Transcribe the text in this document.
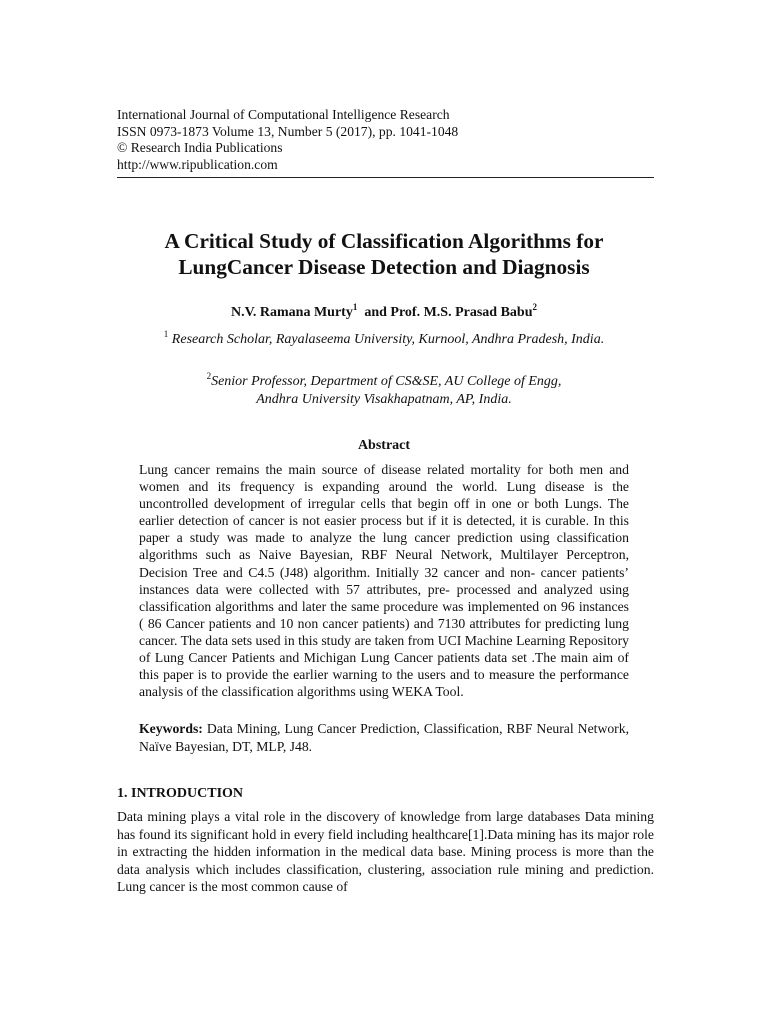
International Journal of Computational Intelligence Research
ISSN 0973-1873 Volume 13, Number 5 (2017), pp. 1041-1048
© Research India Publications
http://www.ripublication.com
A Critical Study of Classification Algorithms for
LungCancer Disease Detection and Diagnosis
N.V. Ramana Murty$^1$ and Prof. M.S. Prasad Babu$^2$
$^1$ Research Scholar, Rayalaseema University, Kurnool, Andhra Pradesh, India.
$^2$Senior Professor, Department of CS&SE, AU College of Engg,
Andhra University Visakhapatnam, AP, India.
Abstract
Lung cancer remains the main source of disease related mortality for both men and women and its frequency is expanding around the world. Lung disease is the uncontrolled development of irregular cells that begin off in one or both Lungs. The earlier detection of cancer is not easier process but if it is detected, it is curable. In this paper a study was made to analyze the lung cancer prediction using classification algorithms such as Naive Bayesian, RBF Neural Network, Multilayer Perceptron, Decision Tree and C4.5 (J48) algorithm. Initially 32 cancer and non- cancer patients’ instances data were collected with 57 attributes, pre- processed and analyzed using classification algorithms and later the same procedure was implemented on 96 instances ( 86 Cancer patients and 10 non cancer patients) and 7130 attributes for predicting lung cancer. The data sets used in this study are taken from UCI Machine Learning Repository of Lung Cancer Patients and Michigan Lung Cancer patients data set .The main aim of this paper is to provide the earlier warning to the users and to measure the performance analysis of the classification algorithms using WEKA Tool.
Keywords: Data Mining, Lung Cancer Prediction, Classification, RBF Neural Network, Naïve Bayesian, DT, MLP, J48.
1. INTRODUCTION
Data mining plays a vital role in the discovery of knowledge from large databases Data mining has found its significant hold in every field including healthcare[1].Data mining has its major role in extracting the hidden information in the medical data base. Mining process is more than the data analysis which includes classification, clustering, association rule mining and prediction. Lung cancer is the most common cause of
